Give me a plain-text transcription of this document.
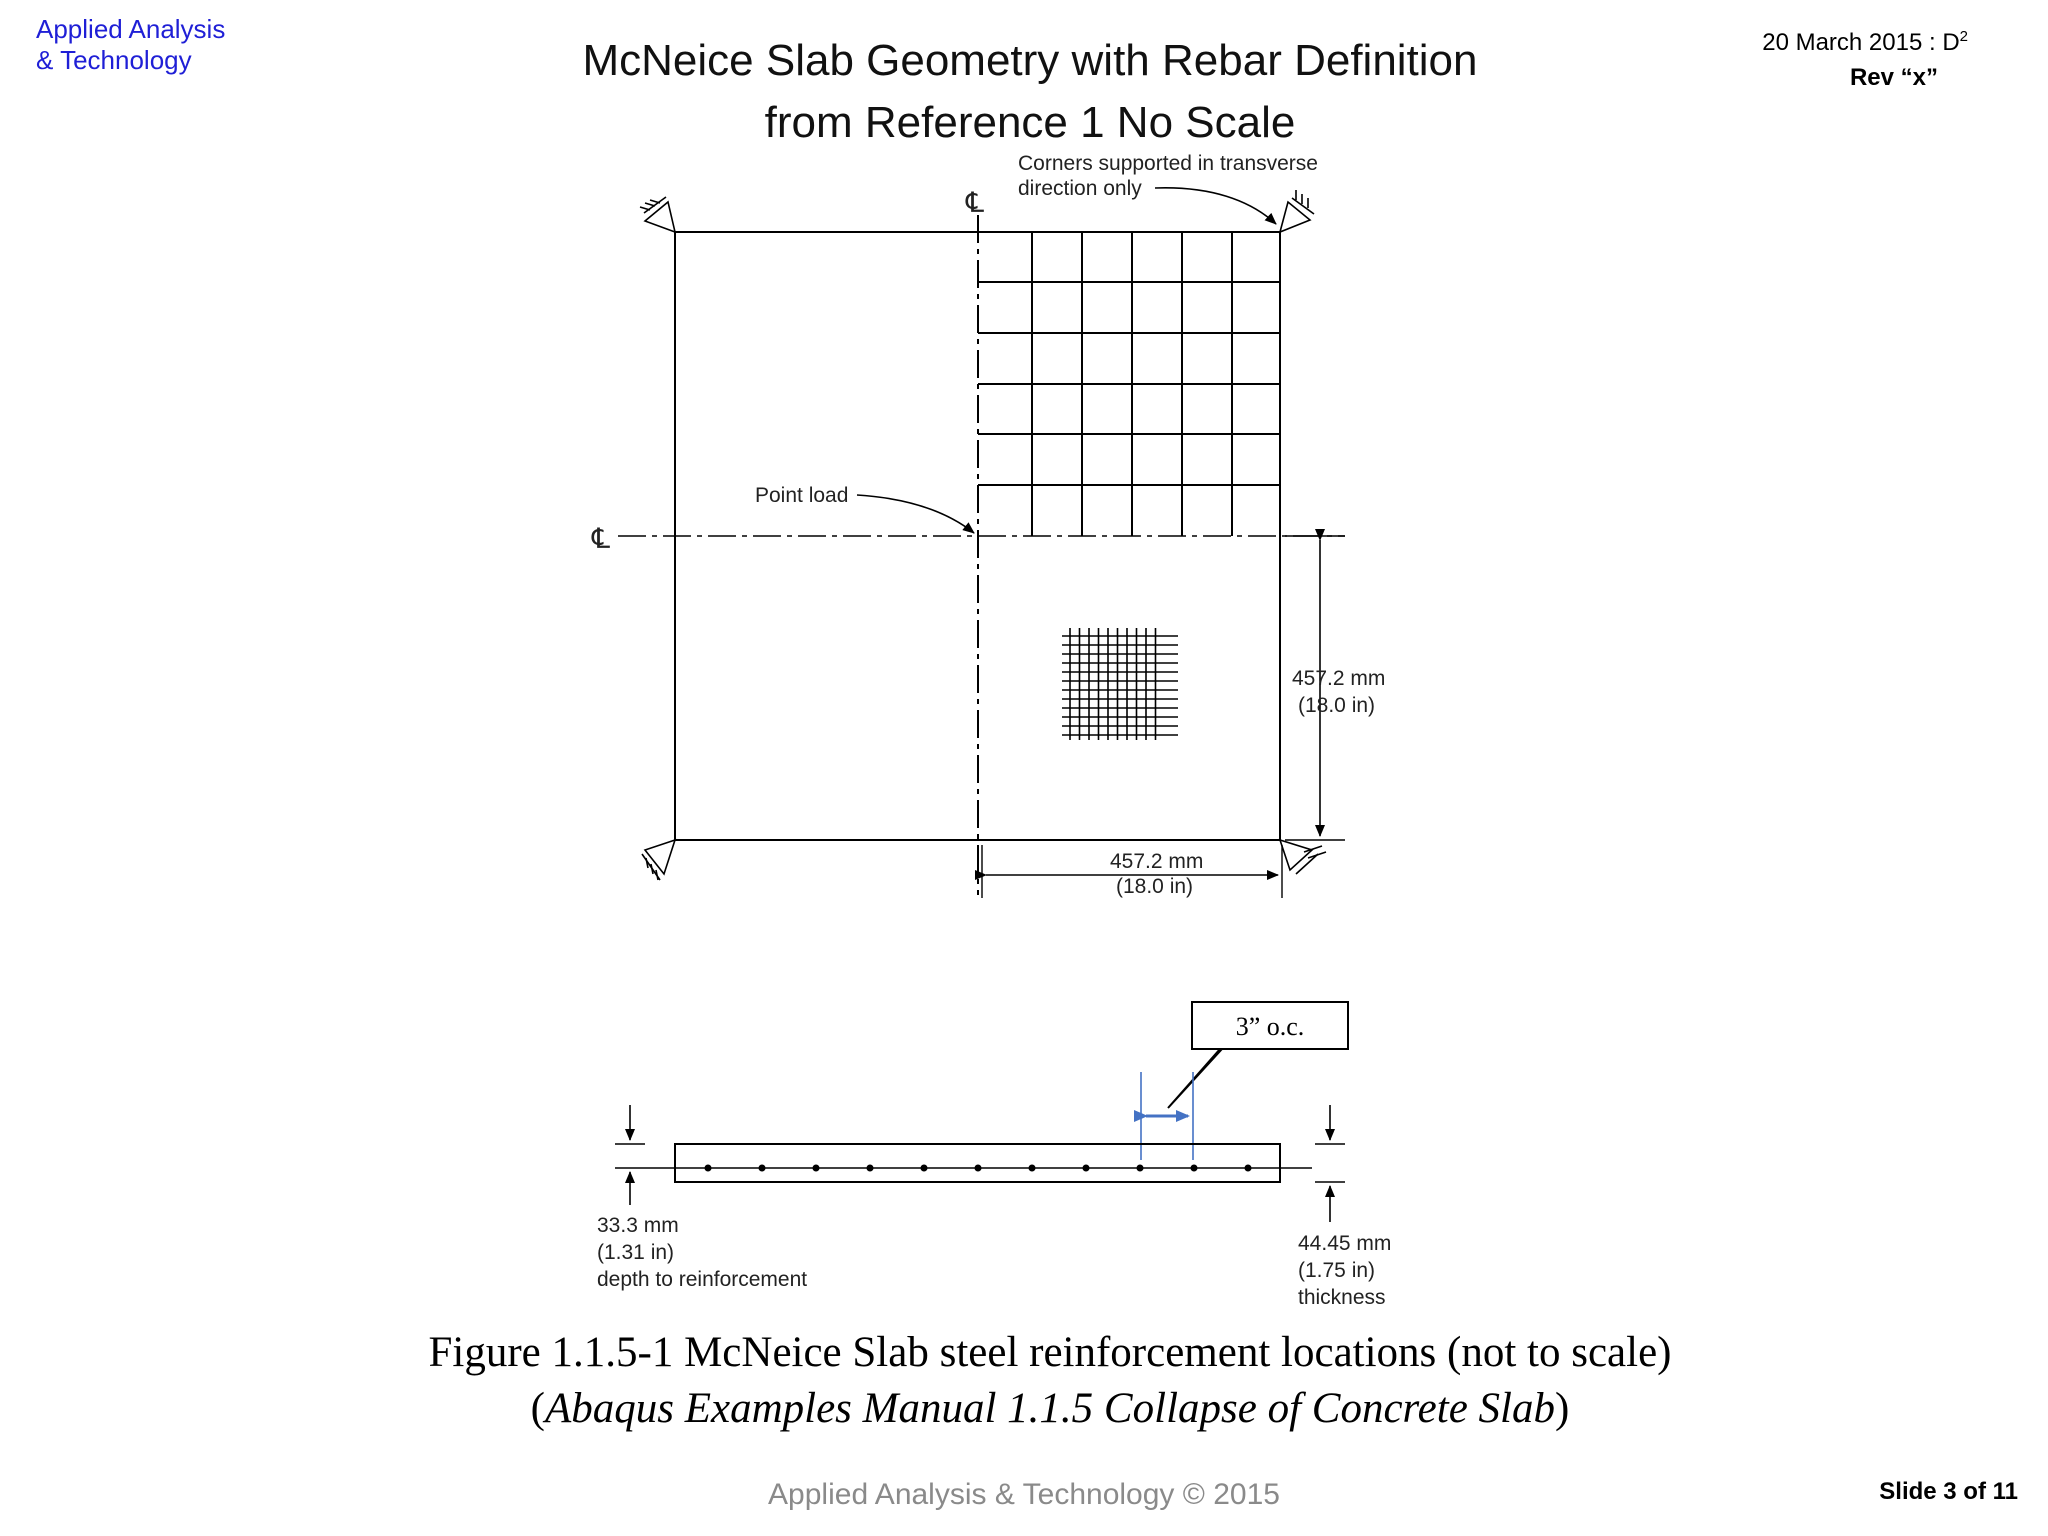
Applied Analysis
& Technology	McNeice Slab Geometry with Rebar Definition
from Reference 1 No Scale
20 March 2015 : $D^2$
Rev “x”
℄
℄
Corners supported in transverse
direction only
Point load
457.2 mm
(18.0 in)
457.2 mm
(18.0 in)
3” o.c.
33.3 mm
(1.31 in)
depth to reinforcement
44.45 mm
(1.75 in)
thickness
Figure 1.1.5-1 McNeice Slab steel reinforcement locations (not to scale)
(Abaqus Examples Manual 1.1.5 Collapse of Concrete Slab)
Applied Analysis & Technology © 2015	Slide 3 of 11
